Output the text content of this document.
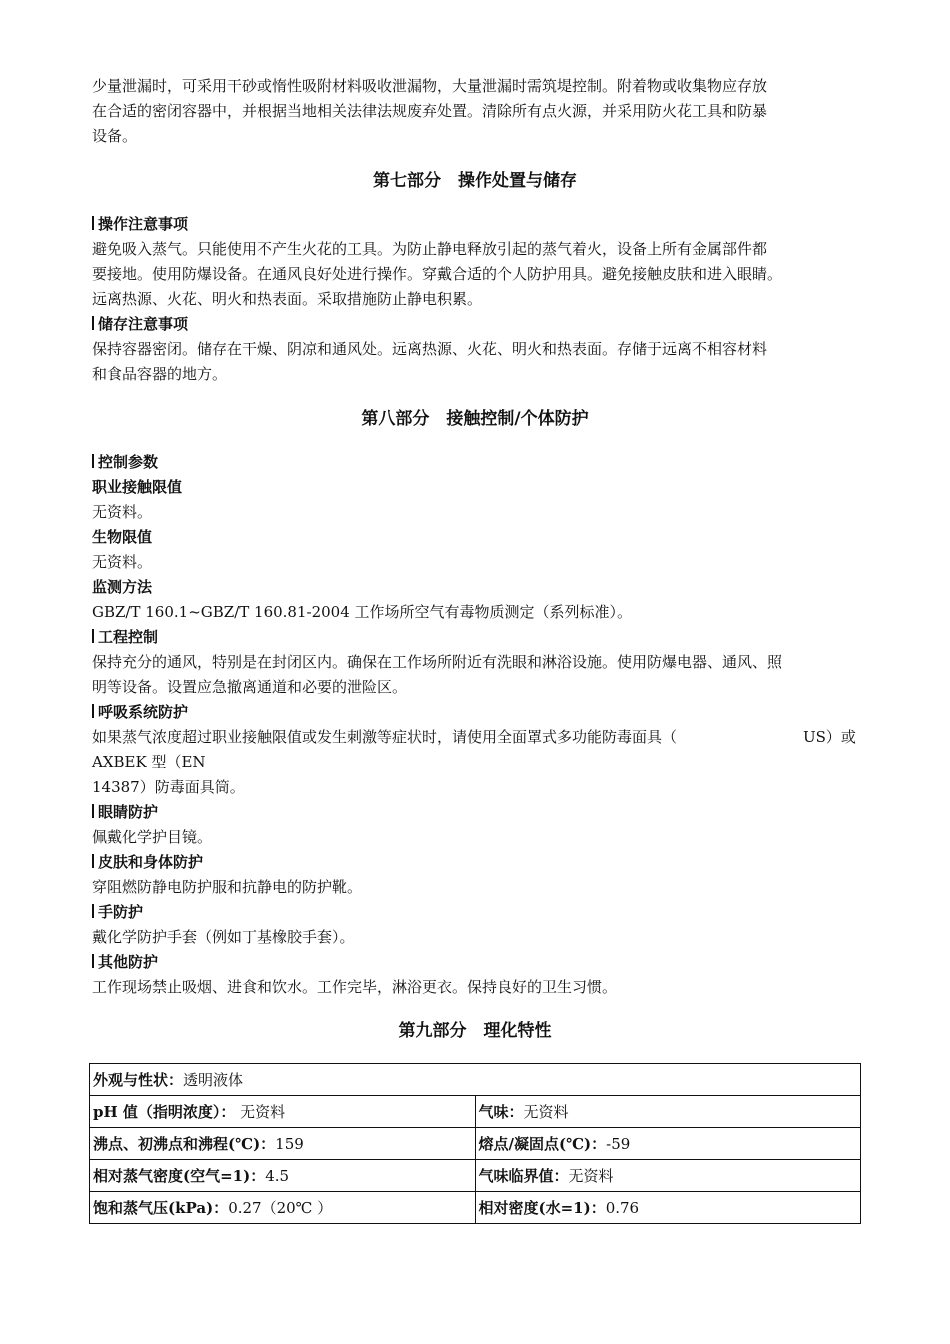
少量泄漏时，可采用干砂或惰性吸附材料吸收泄漏物，大量泄漏时需筑堤控制。附着物或收集物应存放
在合适的密闭容器中，并根据当地相关法律法规废弃处置。清除所有点火源，并采用防火花工具和防暴
设备。
第七部分　操作处置与储存
操作注意事项
避免吸入蒸气。只能使用不产生火花的工具。为防止静电释放引起的蒸气着火，设备上所有金属部件都
要接地。使用防爆设备。在通风良好处进行操作。穿戴合适的个人防护用具。避免接触皮肤和进入眼睛。
远离热源、火花、明火和热表面。采取措施防止静电积累。
储存注意事项
保持容器密闭。储存在干燥、阴凉和通风处。远离热源、火花、明火和热表面。存储于远离不相容材料
和食品容器的地方。
第八部分　接触控制/个体防护
控制参数
职业接触限值
无资料。
生物限值
无资料。
监测方法
GBZ/T 160.1~GBZ/T 160.81-2004 工作场所空气有毒物质测定（系列标准）。
工程控制
保持充分的通风，特别是在封闭区内。确保在工作场所附近有洗眼和淋浴设施。使用防爆电器、通风、照
明等设备。设置应急撤离通道和必要的泄险区。
呼吸系统防护
如果蒸气浓度超过职业接触限值或发生刺激等症状时，请使用全面罩式多功能防毒面具（	US）或
AXBEK 型（EN
14387）防毒面具筒。
眼睛防护
佩戴化学护目镜。
皮肤和身体防护
穿阻燃防静电防护服和抗静电的防护靴。
手防护
戴化学防护手套（例如丁基橡胶手套）。
其他防护
工作现场禁止吸烟、进食和饮水。工作完毕，淋浴更衣。保持良好的卫生习惯。
第九部分　理化特性
外观与性状：透明液体	
pH 值（指明浓度）： 无资料	气味：无资料
沸点、初沸点和沸程(℃)：159	熔点/凝固点(℃)：-59
相对蒸气密度(空气=1)：4.5	气味临界值：无资料
饱和蒸气压(kPa)：0.27（20℃ ）	相对密度(水=1)：0.76
